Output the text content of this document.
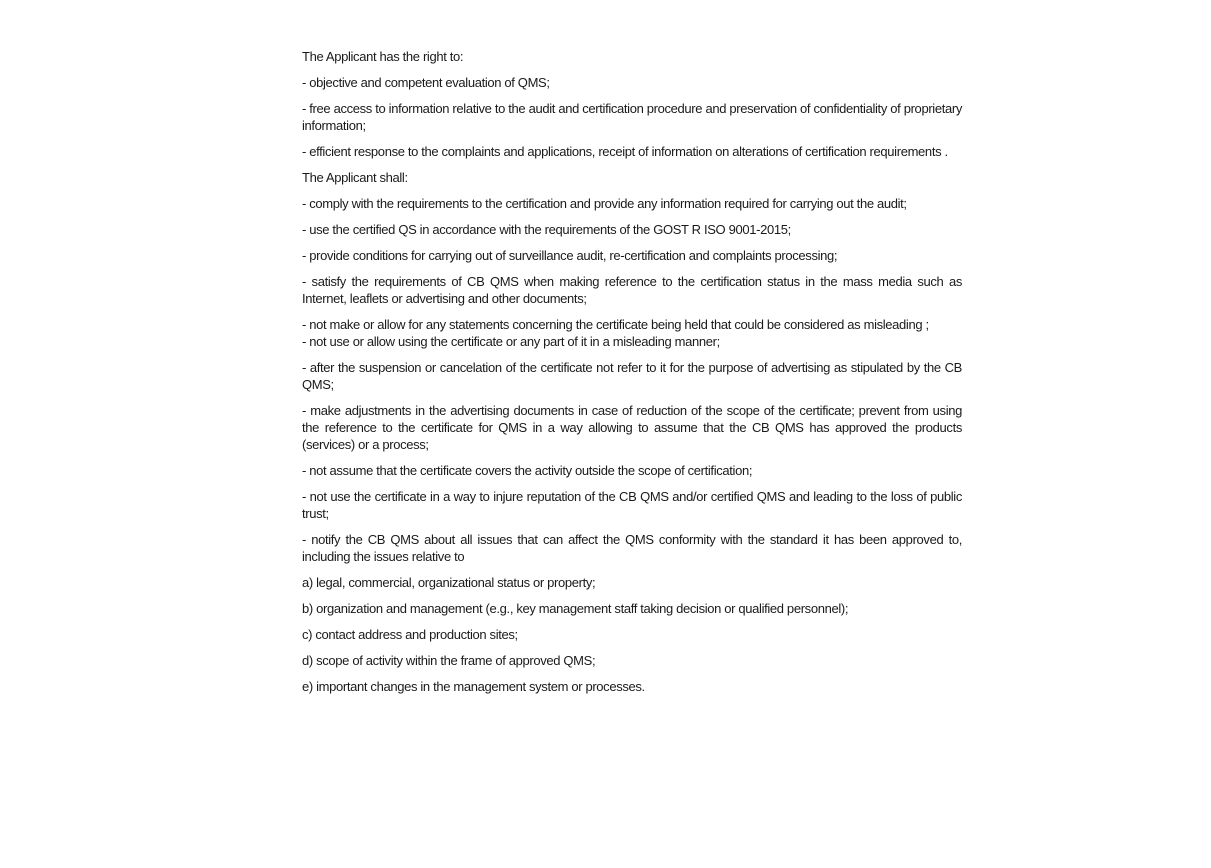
The Applicant has the right to:

- objective and competent evaluation of QMS;

- free access to information relative to the audit and certification procedure and preservation of confidentiality of proprietary information;

- efficient response to the complaints and applications, receipt of information on alterations of certification requirements .

The Applicant shall:

- comply with the requirements to the certification and provide any information required for carrying out the audit;

- use the certified QS in accordance with the requirements of the GOST R ISO 9001-2015;

- provide conditions for carrying out of surveillance audit, re-certification and complaints processing;

- satisfy the requirements of CB QMS when making reference to the certification status in the mass media such as Internet, leaflets or advertising and other documents;

- not make or allow for any statements concerning the certificate being held that could be considered as misleading ;

- not use or allow using the certificate or any part of it in a misleading manner;

- after the suspension or cancelation of the certificate not refer to it for the purpose of advertising as stipulated by the CB QMS;

- make adjustments in the advertising documents in case of reduction of the scope of the certificate; prevent from using the reference to the certificate for QMS in a way allowing to assume that the CB QMS has approved the products (services) or a process;

- not assume that the certificate covers the activity outside the scope of certification;

- not use the certificate in a way to injure reputation of the CB QMS and/or certified QMS and leading to the loss of public trust;

- notify the CB QMS about all issues that can affect the QMS conformity with the standard it has been approved to, including the issues relative to

a) legal, commercial, organizational status or property;

b) organization and management (e.g., key management staff taking decision or qualified personnel);

c) contact address and production sites;

d) scope of activity within the frame of approved QMS;

e) important changes in the management system or processes.
